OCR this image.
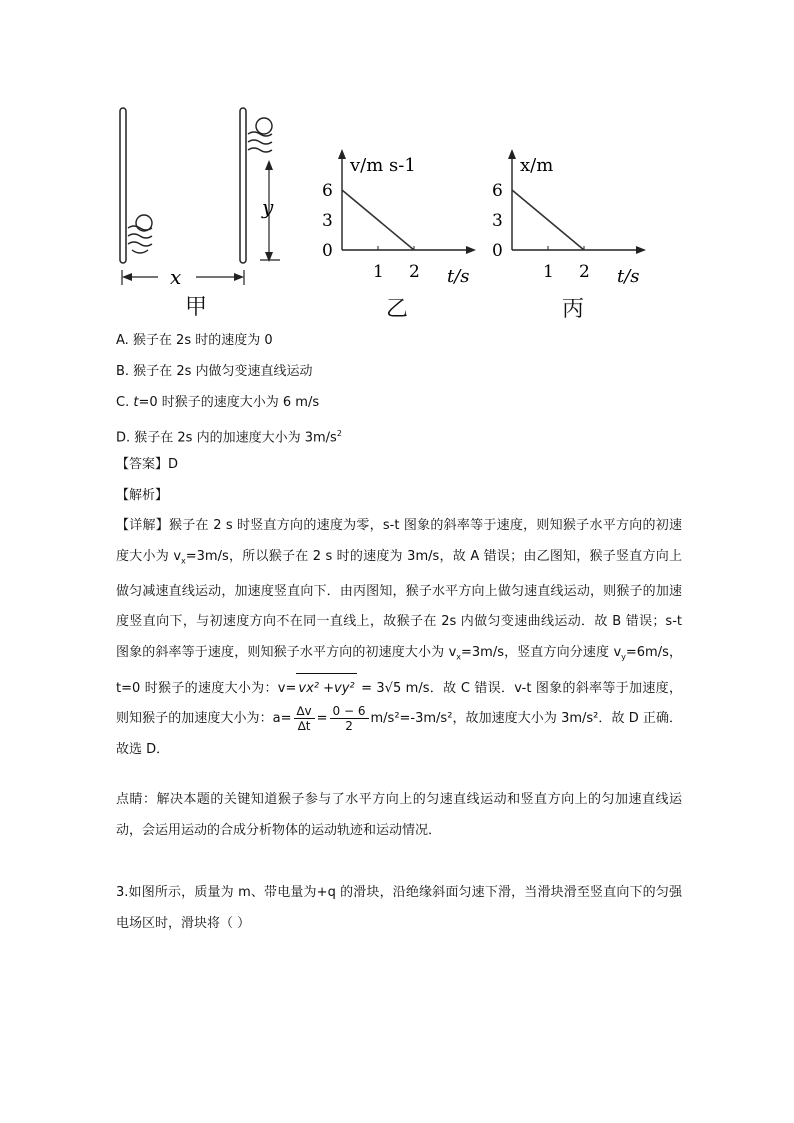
y
x
甲
0
3
6
1 2
v/m s-1
t/s
乙
0
3
6
1 2
x/m
t/s
丙
A. 猴子在 2s 时的速度为 0
B. 猴子在 2s 内做匀变速直线运动
C. t=0 时猴子的速度大小为 6 m/s
D. 猴子在 2s 内的加速度大小为 $3m/s^2$
【答案】D
【解析】
【详解】猴子在 2 s 时竖直方向的速度为零，s-t 图象的斜率等于速度，则知猴子水平方向的初速度大小为 $v_x=3m/s$，所以猴子在 2 s 时的速度为 3m/s，故 A 错误；由乙图知，猴子竖直方向上做匀减速直线运动，加速度竖直向下．由丙图知，猴子水平方向上做匀速直线运动，则猴子的加速度竖直向下，与初速度方向不在同一直线上，故猴子在 2s 内做匀变速曲线运动．故 B 错误；s-t 图象的斜率等于速度，则知猴子水平方向的初速度大小为 $v_x=3m/s$，竖直方向分速度 $v_y=6m/s$，t=0 时猴子的速度大小为：v= vx² +vy² = 3√5 m/s．故 C 错误．v-t 图象的斜率等于加速度，则知猴子的加速度大小为：$a= \frac{\Delta v}{\Delta t} = \frac{0 - 6}{2} m/s^2=-3m/s^2$，故加速度大小为 3m/s²．故 D 正确．故选 D．
点睛：解决本题的关键知道猴子参与了水平方向上的匀速直线运动和竖直方向上的匀加速直线运动，会运用运动的合成分析物体的运动轨迹和运动情况．
3.如图所示，质量为 m、带电量为+q 的滑块，沿绝缘斜面匀速下滑，当滑块滑至竖直向下的匀强电场区时，滑块将（ ）
